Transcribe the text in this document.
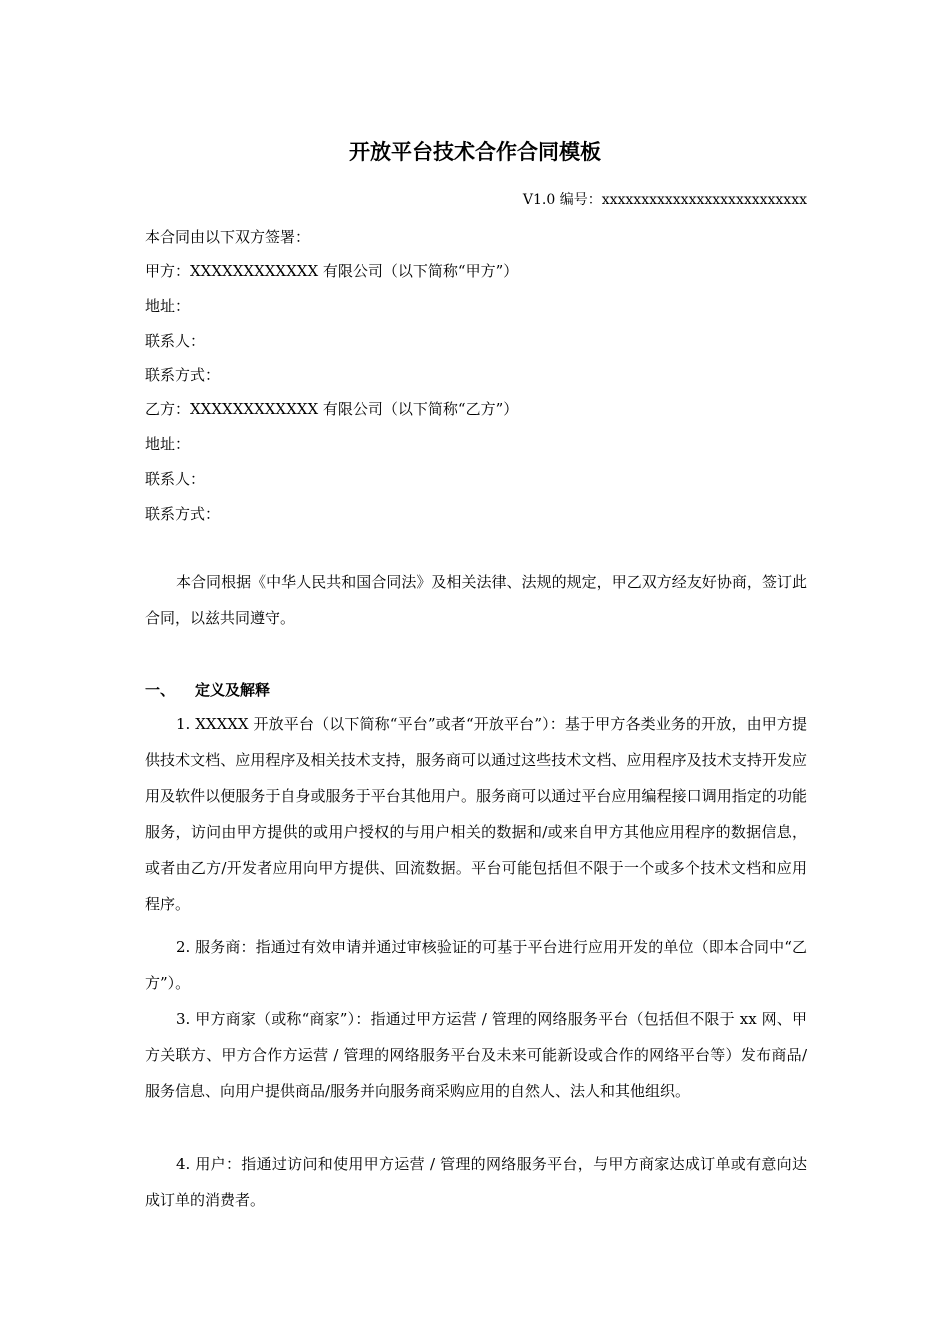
开放平台技术合作合同模板
V1.0 编号：xxxxxxxxxxxxxxxxxxxxxxxxxx
本合同由以下双方签署：
甲方：XXXXXXXXXXXX 有限公司（以下简称“甲方”）
地址：
联系人：
联系方式：
乙方：XXXXXXXXXXXX 有限公司（以下简称“乙方”）
地址：
联系人：
联系方式：

本合同根据《中华人民共和国合同法》及相关法律、法规的规定，甲乙双方经友好协商，签订此合同，以兹共同遵守。

一、 定义及解释

1. XXXXX 开放平台（以下简称“平台”或者“开放平台”）：基于甲方各类业务的开放，由甲方提供技术文档、应用程序及相关技术支持，服务商可以通过这些技术文档、应用程序及技术支持开发应用及软件以便服务于自身或服务于平台其他用户。服务商可以通过平台应用编程接口调用指定的功能服务，访问由甲方提供的或用户授权的与用户相关的数据和/或来自甲方其他应用程序的数据信息，或者由乙方/开发者应用向甲方提供、回流数据。平台可能包括但不限于一个或多个技术文档和应用程序。

2. 服务商：指通过有效申请并通过审核验证的可基于平台进行应用开发的单位（即本合同中“乙方”）。

3. 甲方商家（或称“商家”）：指通过甲方运营 / 管理的网络服务平台（包括但不限于 xx 网、甲方关联方、甲方合作方运营 / 管理的网络服务平台及未来可能新设或合作的网络平台等）发布商品/服务信息、向用户提供商品/服务并向服务商采购应用的自然人、法人和其他组织。

4. 用户：指通过访问和使用甲方运营 / 管理的网络服务平台，与甲方商家达成订单或有意向达成订单的消费者。
